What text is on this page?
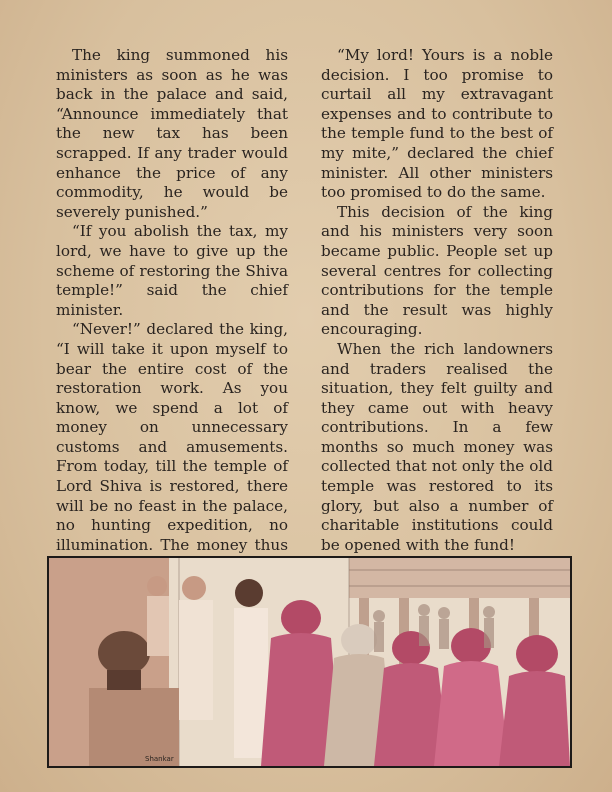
The king summoned his ministers as soon as he was back in the palace and said, “Announce immediately that the new tax has been scrapped. If any trader would enhance the price of any commodity, he would be severely punished.”

“If you abolish the tax, my lord, we have to give up the scheme of restoring the Shiva temple!” said the chief minister.

“Never!” declared the king, “I will take it upon myself to bear the entire cost of the restoration work. As you know, we spend a lot of money on unnecessary customs and amusements. From today, till the temple of Lord Shiva is restored, there will be no feast in the palace, no hunting expedition, no illumination. The money thus

“My lord! Yours is a noble decision. I too promise to curtail all my extravagant expenses and to contribute to the temple fund to the best of my mite,” declared the chief minister. All other ministers too promised to do the same.

This decision of the king and his ministers very soon became public. People set up several centres for collecting contributions for the temple and the result was highly encouraging.

When the rich landowners and traders realised the situation, they felt guilty and they came out with heavy contributions. In a few months so much money was collected that not only the old temple was restored to its glory, but also a number of charitable institutions could be opened with the fund!

Shankar
